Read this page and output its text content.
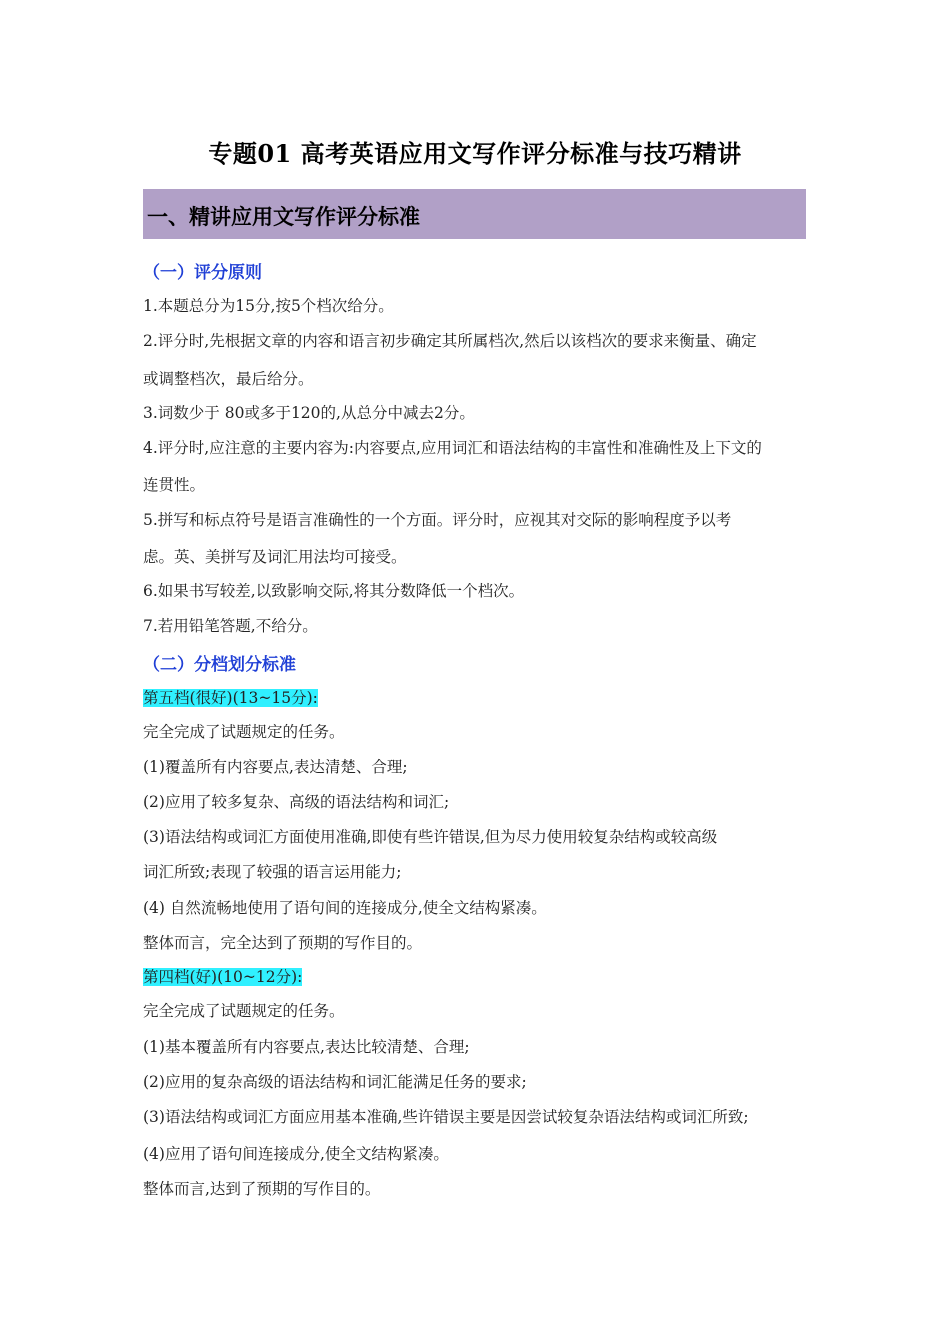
专题01 高考英语应用文写作评分标准与技巧精讲
一、精讲应用文写作评分标准
（一）评分原则
1.本题总分为15分,按5个档次给分。
2.评分时,先根据文章的内容和语言初步确定其所属档次,然后以该档次的要求来衡量、确定
或调整档次，最后给分。
3.词数少于 80或多于120的,从总分中减去2分。
4.评分时,应注意的主要内容为:内容要点,应用词汇和语法结构的丰富性和准确性及上下文的
连贯性。
5.拼写和标点符号是语言准确性的一个方面。评分时，应视其对交际的影响程度予以考
虑。英、美拼写及词汇用法均可接受。
6.如果书写较差,以致影响交际,将其分数降低一个档次。
7.若用铅笔答题,不给分。
（二）分档划分标准
第五档(很好)(13~15分):
完全完成了试题规定的任务。
(1)覆盖所有内容要点,表达清楚、合理;
(2)应用了较多复杂、高级的语法结构和词汇;
(3)语法结构或词汇方面使用准确,即使有些许错误,但为尽力使用较复杂结构或较高级
词汇所致;表现了较强的语言运用能力;
(4) 自然流畅地使用了语句间的连接成分,使全文结构紧凑。
整体而言，完全达到了预期的写作目的。
第四档(好)(10~12分):
完全完成了试题规定的任务。
(1)基本覆盖所有内容要点,表达比较清楚、合理;
(2)应用的复杂高级的语法结构和词汇能满足任务的要求;
(3)语法结构或词汇方面应用基本准确,些许错误主要是因尝试较复杂语法结构或词汇所致;
(4)应用了语句间连接成分,使全文结构紧凑。
整体而言,达到了预期的写作目的。
